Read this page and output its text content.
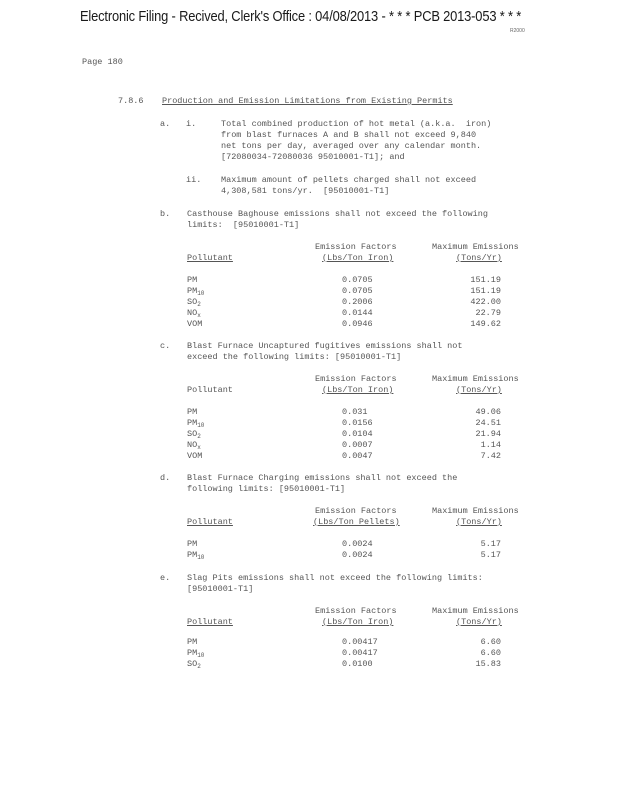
Electronic Filing - Recived, Clerk's Office : 04/08/2013 - * * * PCB 2013-053 * * *
R2000
Page 180
7.8.6 Production and Emission Limitations from Existing Permits
a. i.	Total combined production of hot metal (a.k.a.  iron)
from blast furnaces A and B shall not exceed 9,840
net tons per day, averaged over any calendar month.
[72080034-72080036 95010001-T1]; and
ii. Maximum amount of pellets charged shall not exceed
4,308,581 tons/yr.  [95010001-T1]
b. Casthouse Baghouse emissions shall not exceed the following
limits:  [95010001-T1]
Emission Factors	Maximum Emissions
Pollutant	(Lbs/Ton Iron)	(Tons/Yr)
PM	0.0705	151.19
$PM_{10}$	0.0705	151.19
$SO_2$	0.2006	422.00
$NO_x$	0.0144	22.79
VOM	0.0946	149.62
c. Blast Furnace Uncaptured fugitives emissions shall not
exceed the following limits: [95010001-T1]
Emission Factors	Maximum Emissions
Pollutant	(Lbs/Ton Iron)	(Tons/Yr)
PM	0.031	49.06
$PM_{10}$	0.0156	24.51
$SO_2$	0.0104	21.94
$NO_x$	0.0007	1.14
VOM	0.0047	7.42
d. Blast Furnace Charging emissions shall not exceed the
following limits: [95010001-T1]
Emission Factors	Maximum Emissions
Pollutant	(Lbs/Ton Pellets)	(Tons/Yr)
PM	0.0024	5.17
$PM_{10}$	0.0024	5.17
e. Slag Pits emissions shall not exceed the following limits:
[95010001-T1]
Emission Factors	Maximum Emissions
Pollutant	(Lbs/Ton Iron)	(Tons/Yr)
PM	0.00417	6.60
$PM_{10}$	0.00417	6.60
$SO_2$	0.0100	15.83
